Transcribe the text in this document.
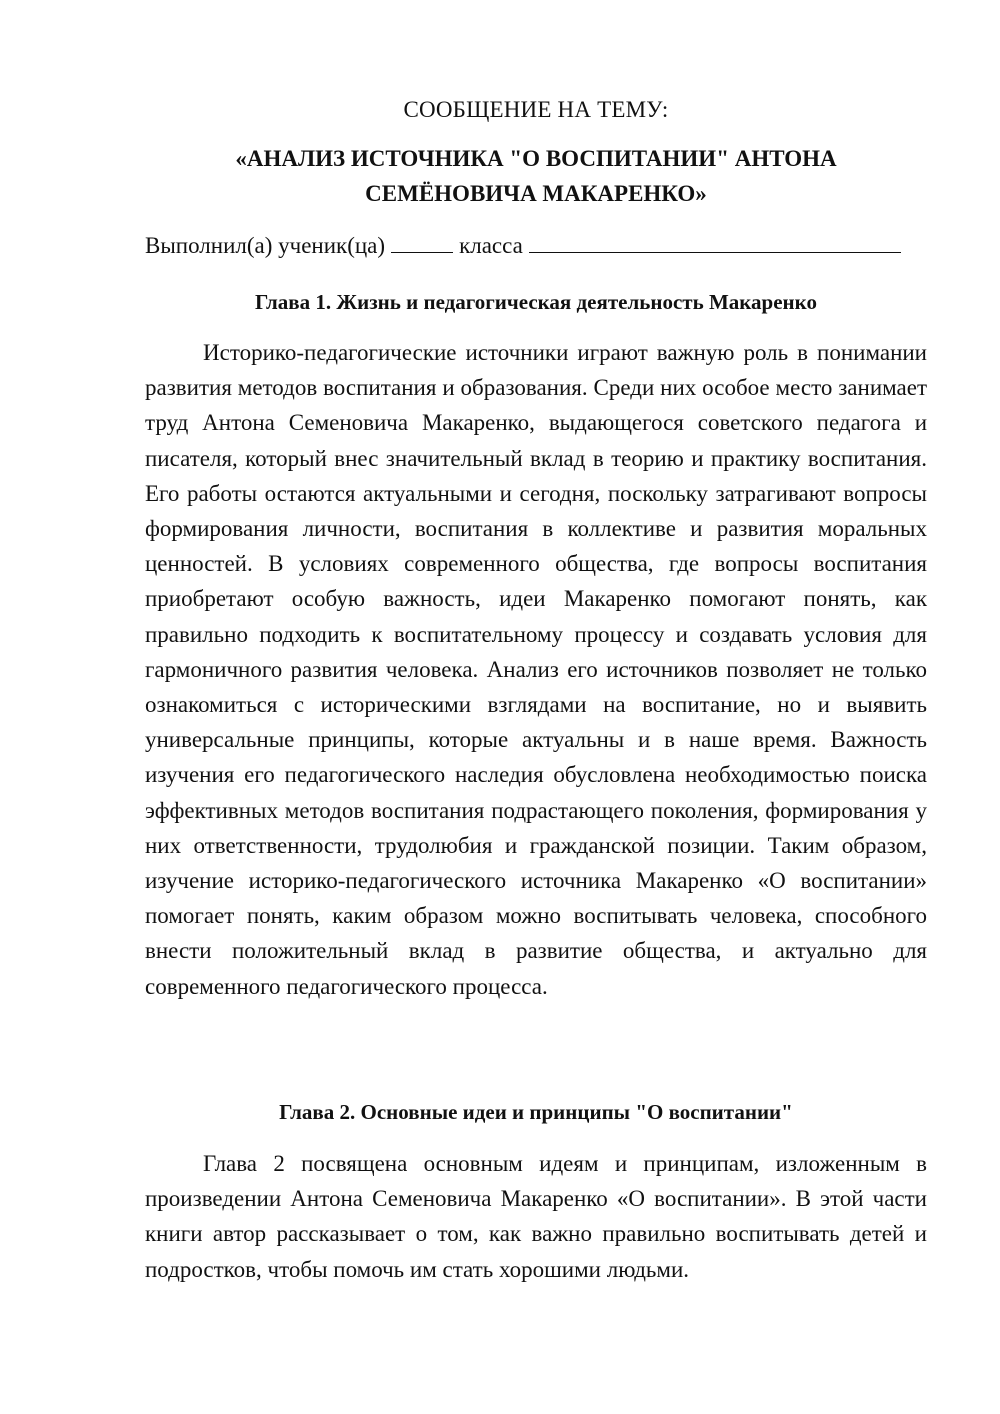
СООБЩЕНИЕ НА ТЕМУ:
«АНАЛИЗ ИСТОЧНИКА "О ВОСПИТАНИИ" АНТОНА
СЕМЁНОВИЧА МАКАРЕНКО»
Выполнил(а) ученик(ца)	класса
Глава 1. Жизнь и педагогическая деятельность Макаренко
Историко-педагогические источники играют важную роль в понимании развития методов воспитания и образования. Среди них особое место занимает труд Антона Семеновича Макаренко, выдающегося советского педагога и писателя, который внес значительный вклад в теорию и практику воспитания. Его работы остаются актуальными и сегодня, поскольку затрагивают вопросы формирования личности, воспитания в коллективе и развития моральных ценностей. В условиях современного общества, где вопросы воспитания приобретают особую важность, идеи Макаренко помогают понять, как правильно подходить к воспитательному процессу и создавать условия для гармоничного развития человека. Анализ его источников позволяет не только ознакомиться с историческими взглядами на воспитание, но и выявить универсальные принципы, которые актуальны и в наше время. Важность изучения его педагогического наследия обусловлена необходимостью поиска эффективных методов воспитания подрастающего поколения, формирования у них ответственности, трудолюбия и гражданской позиции. Таким образом, изучение историко-педагогического источника Макаренко «О воспитании» помогает понять, каким образом можно воспитывать человека, способного внести положительный вклад в развитие общества, и актуально для современного педагогического процесса.
Глава 2. Основные идеи и принципы "О воспитании"
Глава 2 посвящена основным идеям и принципам, изложенным в произведении Антона Семеновича Макаренко «О воспитании». В этой части книги автор рассказывает о том, как важно правильно воспитывать детей и подростков, чтобы помочь им стать хорошими людьми.
